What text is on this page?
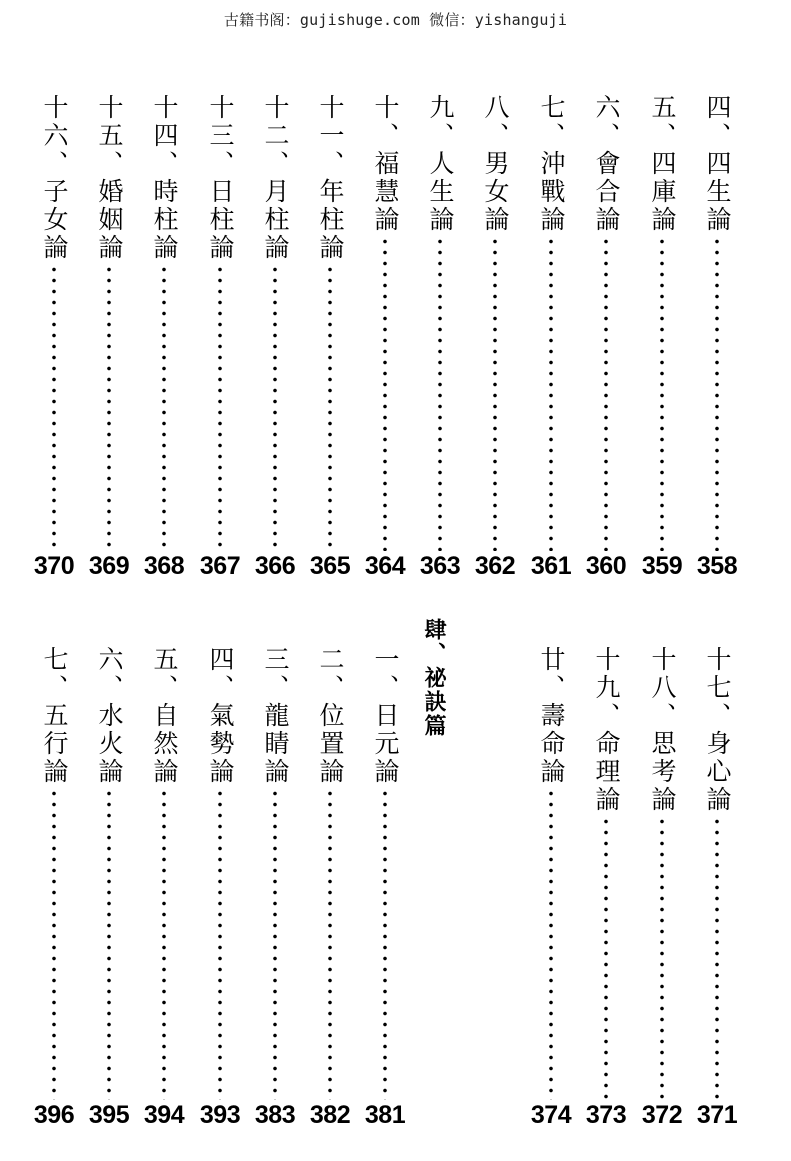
古籍书阁：gujishuge.com 微信：yishanguji
四、四生論
358
五、四庫論
359
六、會合論
360
七、沖戰論
361
八、男女論
362
九、人生論
363
十、福慧論
364
十一、年柱論
365
十二、月柱論
366
十三、日柱論
367
十四、時柱論
368
十五、婚姻論
369
十六、子女論
370
十七、身心論
371
十八、思考論
372
十九、命理論
373
廿、壽命論
374
肆、祕訣篇
一、日元論
381
二、位置論
382
三、龍睛論
383
四、氣勢論
393
五、自然論
394
六、水火論
395
七、五行論
396
